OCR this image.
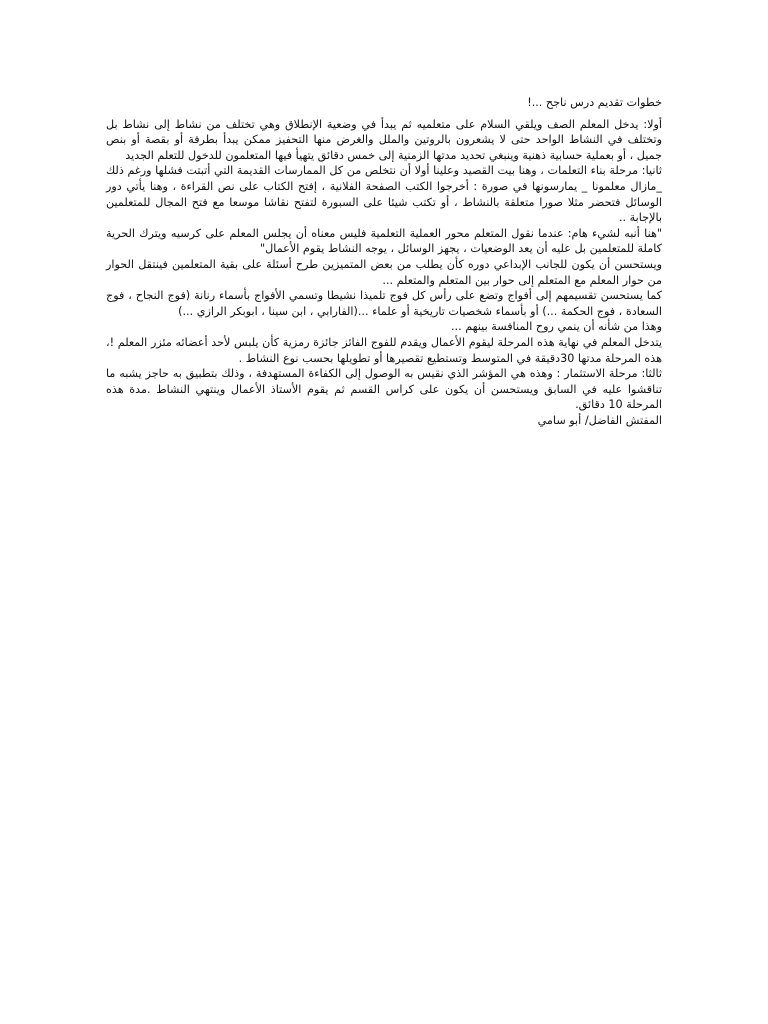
خطوات تقديم درس ناجح ...!

أولا: يدخل المعلم الصف ويلقي السلام على متعلميه ثم يبدأ في وضعية الإنطلاق وهي تختلف من نشاط إلى نشاط بل وتختلف في النشاط الواحد حتى لا يشعرون بالروتين والملل والغرض منها التحفيز ممكن يبدأ بطرفة أو بقصة أو بنص جميل ، أو بعملية حسابية ذهنية وينبغي تحديد مدتها الزمنية إلى خمس دقائق يتهيأ فيها المتعلمون للدخول للتعلم الجديد

ثانيا: مرحلة بناء التعلمات ، وهنا بيت القصيد وعلينا أولا أن نتخلص من كل الممارسات القديمة التي أتبتت فشلها ورغم ذلك _مازال معلمونا _ يمارسونها في صورة : أخرجوا الكتب الصفحة الفلانية ، إفتح الكتاب على نص القراءة ، وهنا يأتي دور الوسائل فتحضر مثلا صورا متعلقة بالنشاط ، أو تكتب شيئا على السبورة لتفتح نقاشا موسعا مع فتح المجال للمتعلمين بالإجابة ..

"هنا أنبه لشيء هام: عندما نقول المتعلم محور العملية التعلمية فليس معناه أن يجلس المعلم على كرسيه ويترك الحرية كاملة للمتعلمين بل عليه أن يعد الوضعيات ، يجهز الوسائل ، يوجه النشاط يقوم الأعمال"

ويستحسن أن يكون للجانب الإبداعي دوره كأن يطلب من بعض المتميزين طرح أسئلة على بقية المتعلمين فينتقل الحوار من حوار المعلم مع المتعلم إلى حوار بين المتعلم والمتعلم ...

كما يستحسن تقسيمهم إلى أفواج وتضع على رأس كل فوج تلميذا نشيطا وتسمي الأفواج بأسماء رنانة (فوج النجاح ، فوج السعادة ، فوج الحكمة ...) أو بأسماء شخصيات تاريخية أو علماء ...(الفارابي ، ابن سينا ، ابوبكر الرازي ...)

وهذا من شأنه أن ينمي روح المنافسة بينهم ...

يتدخل المعلم في نهاية هذه المرحلة ليقوم الأعمال ويقدم للفوج الفائز جائزة رمزية كأن يلبس لأحد أعضائه مئزر المعلم !، هذه المرحلة مدتها 30دقيقة في المتوسط وتستطيع تقصيرها أو تطويلها بحسب نوع النشاط .

ثالثا: مرحلة الاستثمار : وهذه هي المؤشر الذي نقيس به الوصول إلى الكفاءة المستهدفة ، وذلك بتطبيق به حاجز يشبه ما تناقشوا عليه في السابق ويستحسن أن يكون على كراس القسم ثم يقوم الأستاذ الأعمال وينتهي النشاط .مدة هذه المرحلة 10 دقائق.

المفتش الفاضل/ أبو سامي
